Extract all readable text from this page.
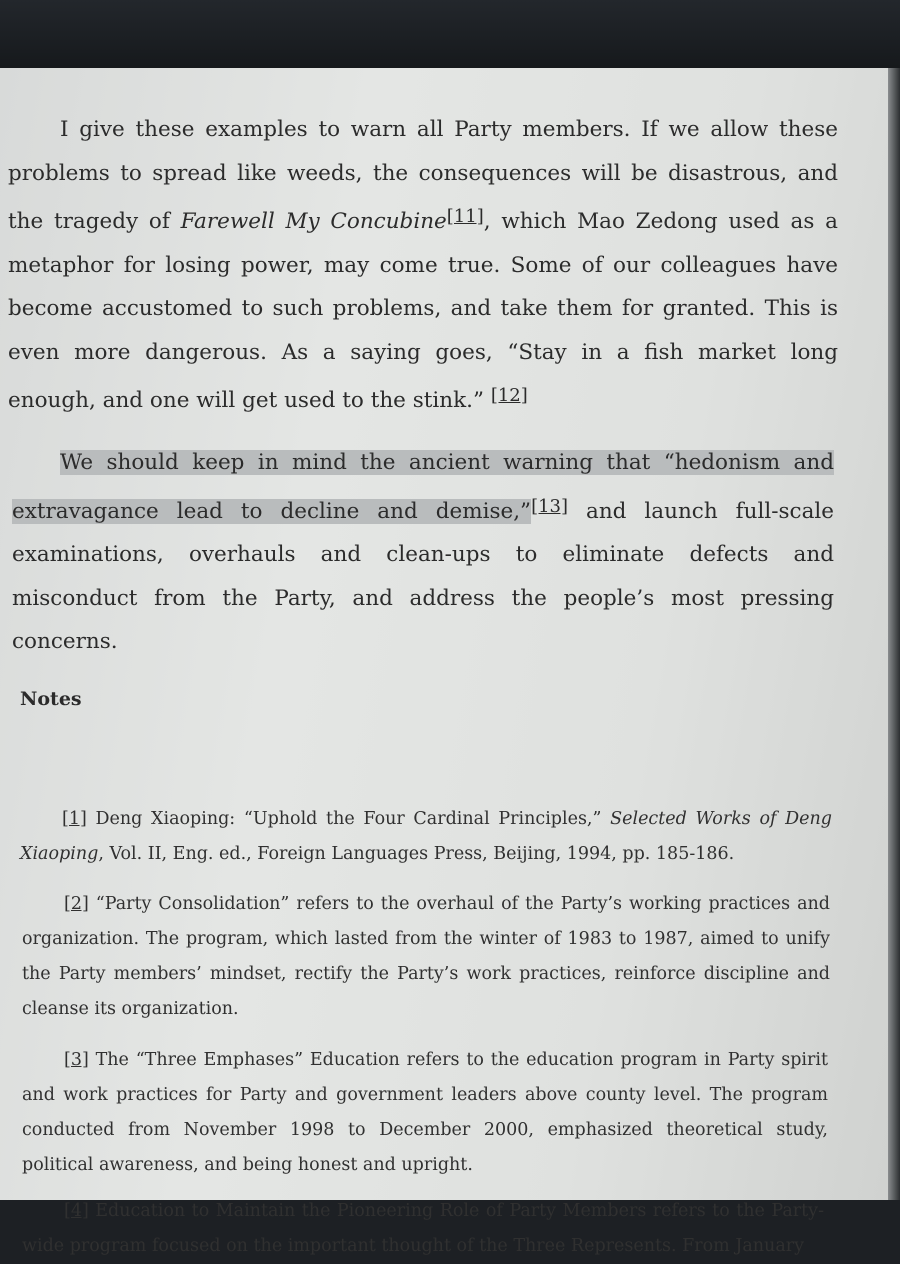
I give these examples to warn all Party members. If we allow these problems to spread like weeds, the consequences will be disastrous, and the tragedy of Farewell My Concubine[11], which Mao Zedong used as a metaphor for losing power, may come true. Some of our colleagues have become accustomed to such problems, and take them for granted. This is even more dangerous. As a saying goes, “Stay in a fish market long enough, and one will get used to the stink.” [12]

We should keep in mind the ancient warning that “hedonism and extravagance lead to decline and demise,”[13] and launch full-scale examinations, overhauls and clean-ups to eliminate defects and misconduct from the Party, and address the people’s most pressing concerns.

Notes

[1] Deng Xiaoping: “Uphold the Four Cardinal Principles,” Selected Works of Deng Xiaoping, Vol. II, Eng. ed., Foreign Languages Press, Beijing, 1994, pp. 185-186.

[2] “Party Consolidation” refers to the overhaul of the Party’s working practices and organization. The program, which lasted from the winter of 1983 to 1987, aimed to unify the Party members’ mindset, rectify the Party’s work practices, reinforce discipline and cleanse its organization.

[3] The “Three Emphases” Education refers to the education program in Party spirit and work practices for Party and government leaders above county level. The program conducted from November 1998 to December 2000, emphasized theoretical study, political awareness, and being honest and upright.

[4] Education to Maintain the Pioneering Role of Party Members refers to the Party-wide program focused on the important thought of the Three Represents. From January
